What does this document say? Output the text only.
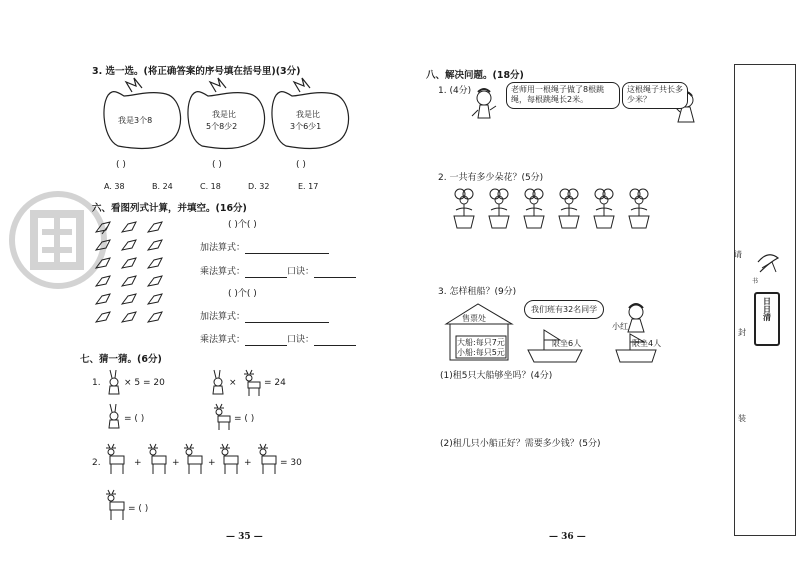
3. 选一选。(将正确答案的序号填在括号里)(3分)
我是3个8
我是比
5个8少2
我是比
3个6少1
( )	( )	( )
A. 38	B. 24	C. 18	D. 32	E. 17
六、看图列式计算，并填空。(16分)
( )个( )
加法算式：
乘法算式：	口诀：
( )个( )
加法算式：
乘法算式：	口诀：
七、猜一猜。(6分)
1.	× 5 = 20	×	= 24
= ( )	= ( )
2.	+	+	+	+	= 30
= ( )
— 35 —
八、解决问题。(18分)
1. (4分)	老师用一根绳子做了8根跳绳，每根跳绳长2米。
这根绳子共长多少米？
2. 一共有多少朵花？(5分)
3. 怎样租船？(9分)
我们班有32名同学
售票处
大船:每只7元
小船:每只5元
限坐6人	限坐4人
小红
(1)租5只大船够坐吗？(4分)
(2)租几只小船正好？需要多少钱？(5分)
— 36 —
请
封
装
日日清
书
